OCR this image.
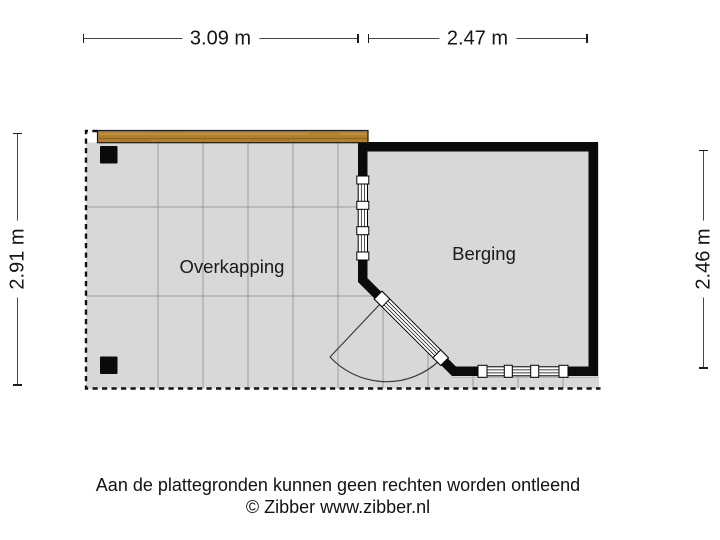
3.09 m	2.47 m
2.91 m	2.46 m
Overkapping
Berging
Aan de plattegronden kunnen geen rechten worden ontleend
© Zibber www.zibber.nl
